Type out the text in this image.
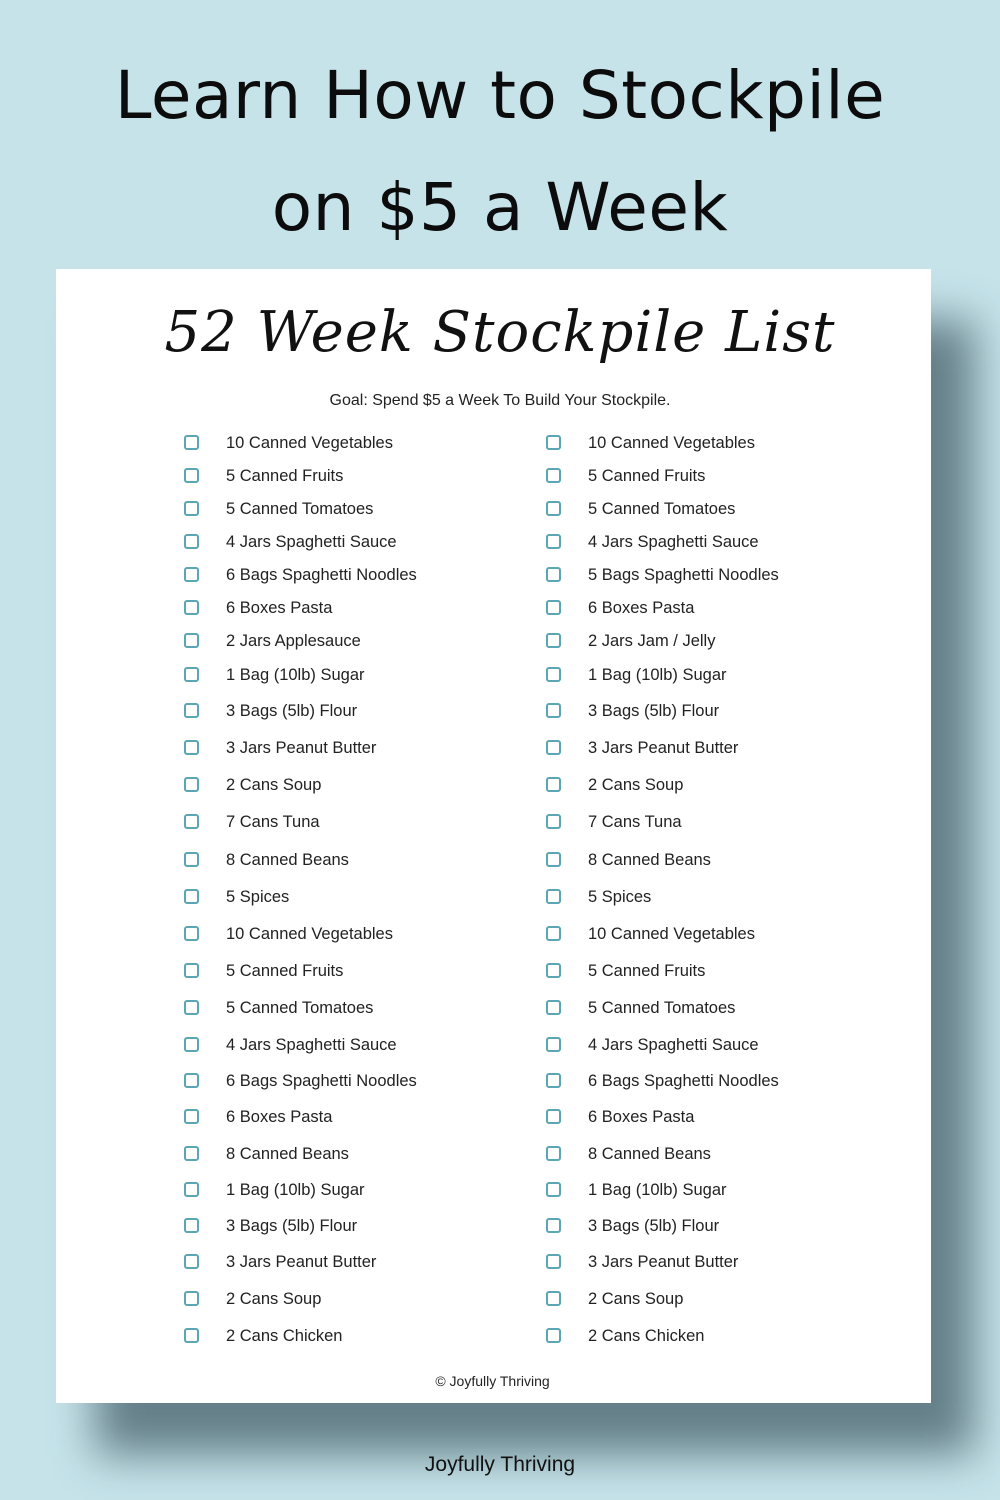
Learn How to Stockpile
on $5 a Week
52 Week Stockpile List
Goal: Spend $5 a Week To Build Your Stockpile.
10 Canned Vegetables
5 Canned Fruits
5 Canned Tomatoes
4 Jars Spaghetti Sauce
6 Bags Spaghetti Noodles
6 Boxes Pasta
2 Jars Applesauce
1 Bag (10lb) Sugar
3 Bags (5lb) Flour
3 Jars Peanut Butter
2 Cans Soup
7 Cans Tuna
8 Canned Beans
5 Spices
10 Canned Vegetables
5 Canned Fruits
5 Canned Tomatoes
4 Jars Spaghetti Sauce
6 Bags Spaghetti Noodles
6 Boxes Pasta
8 Canned Beans
1 Bag (10lb) Sugar
3 Bags (5lb) Flour
3 Jars Peanut Butter
2 Cans Soup
2 Cans Chicken
10 Canned Vegetables
5 Canned Fruits
5 Canned Tomatoes
4 Jars Spaghetti Sauce
5 Bags Spaghetti Noodles
6 Boxes Pasta
2 Jars Jam / Jelly
1 Bag (10lb) Sugar
3 Bags (5lb) Flour
3 Jars Peanut Butter
2 Cans Soup
7 Cans Tuna
8 Canned Beans
5 Spices
10 Canned Vegetables
5 Canned Fruits
5 Canned Tomatoes
4 Jars Spaghetti Sauce
6 Bags Spaghetti Noodles
6 Boxes Pasta
8 Canned Beans
1 Bag (10lb) Sugar
3 Bags (5lb) Flour
3 Jars Peanut Butter
2 Cans Soup
2 Cans Chicken
© Joyfully Thriving
Joyfully Thriving
